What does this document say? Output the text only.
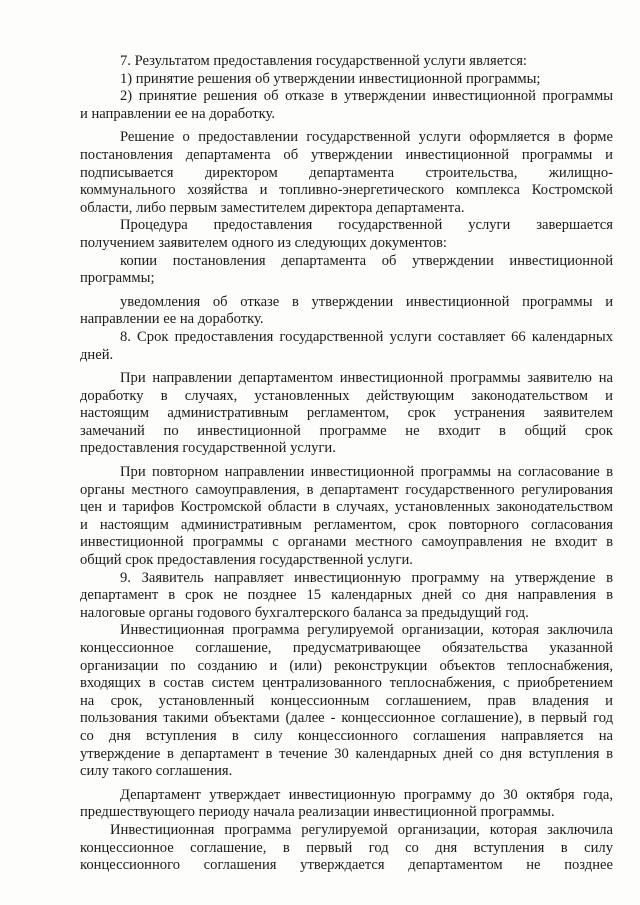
7. Результатом предоставления государственной услуги является:

1) принятие решения об утверждении инвестиционной программы;

2) принятие решения об отказе в утверждении инвестиционной программы

и направлении ее на доработку.

Решение о предоставлении государственной услуги оформляется в форме

постановления департамента об утверждении инвестиционной программы и

подписывается директором департамента строительства, жилищно-

коммунального хозяйства и топливно-энергетического комплекса Костромской

области, либо первым заместителем директора департамента.

Процедура предоставления государственной услуги завершается

получением заявителем одного из следующих документов:

копии постановления департамента об утверждении инвестиционной

программы;

уведомления об отказе в утверждении инвестиционной программы и

направлении ее на доработку.

8. Срок предоставления государственной услуги составляет 66 календарных

дней.

При направлении департаментом инвестиционной программы заявителю на

доработку в случаях, установленных действующим законодательством и

настоящим административным регламентом, срок устранения заявителем

замечаний по инвестиционной программе не входит в общий срок

предоставления государственной услуги.

При повторном направлении инвестиционной программы на согласование в

органы местного самоуправления, в департамент государственного регулирования

цен и тарифов Костромской области в случаях, установленных законодательством

и настоящим административным регламентом, срок повторного согласования

инвестиционной программы с органами местного самоуправления не входит в

общий срок предоставления государственной услуги.

9. Заявитель направляет инвестиционную программу на утверждение в

департамент в срок не позднее 15 календарных дней со дня направления в

налоговые органы годового бухгалтерского баланса за предыдущий год.

Инвестиционная программа регулируемой организации, которая заключила

концессионное соглашение, предусматривающее обязательства указанной

организации по созданию и (или) реконструкции объектов теплоснабжения,

входящих в состав систем централизованного теплоснабжения, с приобретением

на срок, установленный концессионным соглашением, прав владения и

пользования такими объектами (далее - концессионное соглашение), в первый год

со дня вступления в силу концессионного соглашения направляется на

утверждение в департамент в течение 30 календарных дней со дня вступления в

силу такого соглашения.

Департамент утверждает инвестиционную программу до 30 октября года,

предшествующего периоду начала реализации инвестиционной программы.

Инвестиционная программа регулируемой организации, которая заключила

концессионное соглашение, в первый год со дня вступления в силу

концессионного соглашения утверждается департаментом не позднее
